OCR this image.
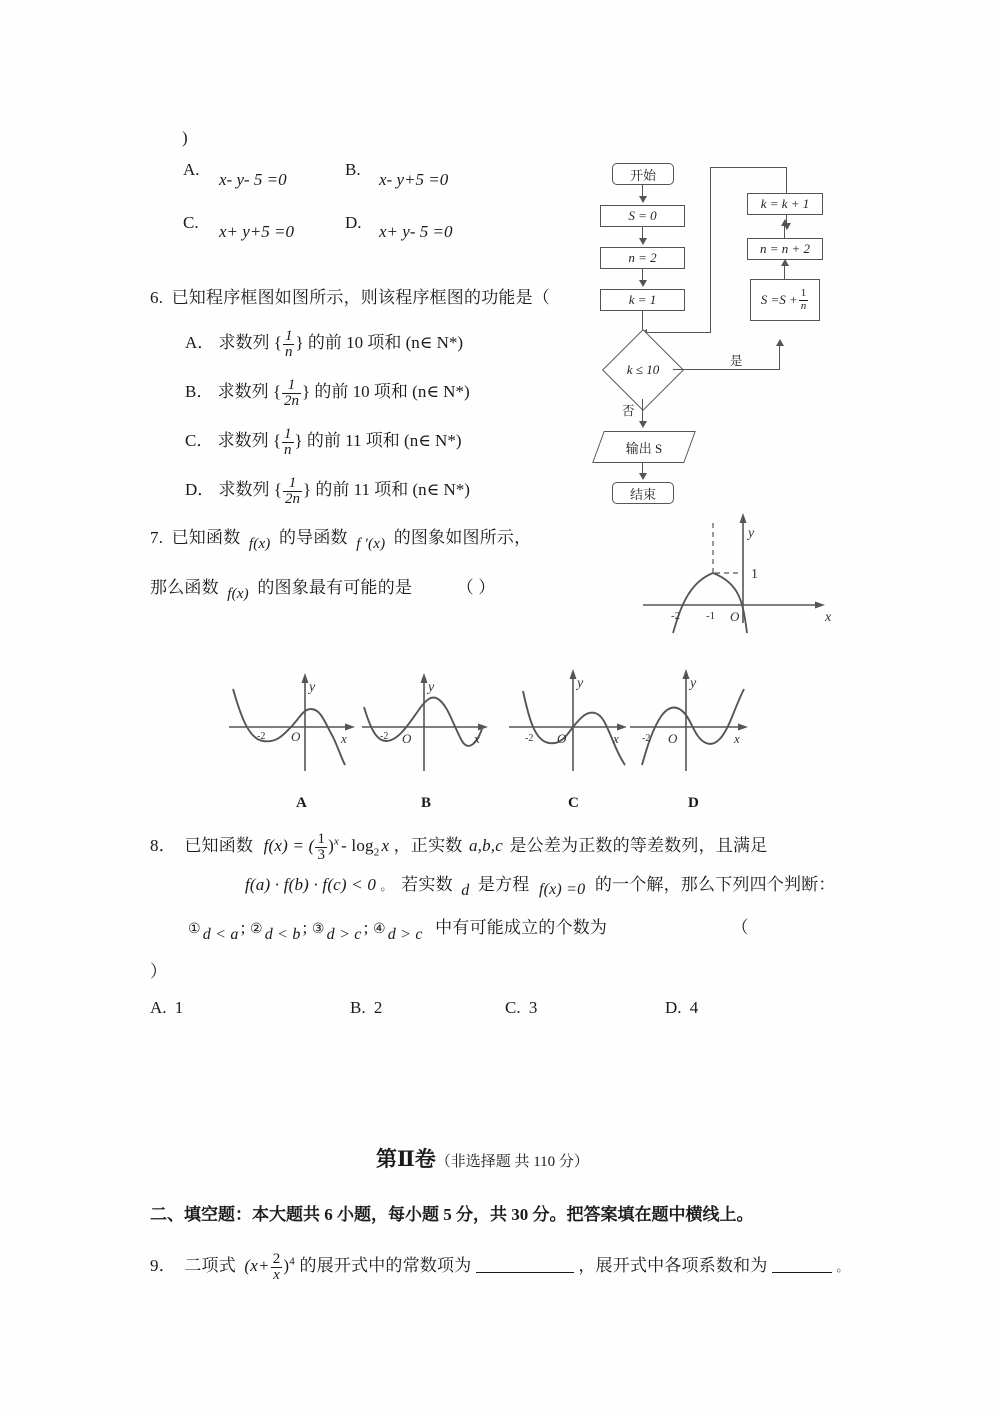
)
A.
x- y- 5 =0
B.
x- y+5 =0
C. x+ y+5 =0	D. x+ y- 5 =0
6. 已知程序框图如图所示，则该程序框图的功能是（
A． 求数列 { $\frac{1}{n}$ } 的前 10 项和 (n∈ N*)
B． 求数列 { $\frac{1}{2n}$ } 的前 10 项和 (n∈ N*)
C． 求数列 { $\frac{1}{n}$ } 的前 11 项和 (n∈ N*)
D． 求数列 { $\frac{1}{2n}$ } 的前 11 项和 (n∈ N*)
开始
S = 0
n = 2
k = 1
k ≤ 10
是
否
输出 S
结束
$S =S + \frac{1}{n}$
n = n + 2
k = k + 1
7. 已知函数 f(x) 的导函数 f ′(x) 的图象如图所示，
那么函数 f(x) 的图象最有可能的是	（ ）
y
x
-2 -1 O
1
y
x
-2 O
A
y
x
-2 O
B
y
x
-2 O
C
y
x
-2 O
D
8． 已知函数 f(x) = ( $\frac{1}{3} )^x - \log_2 x$ ，正实数 a,b,c 是公差为正数的等差数列，且满足
f(a) · f(b) · f(c) < 0 。 若实数 d 是方程 f(x) =0 的一个解，那么下列四个判断：
① d < a ; ② d < b ; ③ d > c ; ④ d > c 中有可能成立的个数为	（
）
A. 1	B. 2	C. 3	D. 4
第Ⅱ卷（非选择题 共 110 分）
二、填空题：本大题共 6 小题，每小题 5 分，共 30 分。把答案填在题中横线上。
9． 二项式 $(x+ \frac{2}{x} )^4$ 的展开式中的常数项为	，展开式中各项系数和为	。
